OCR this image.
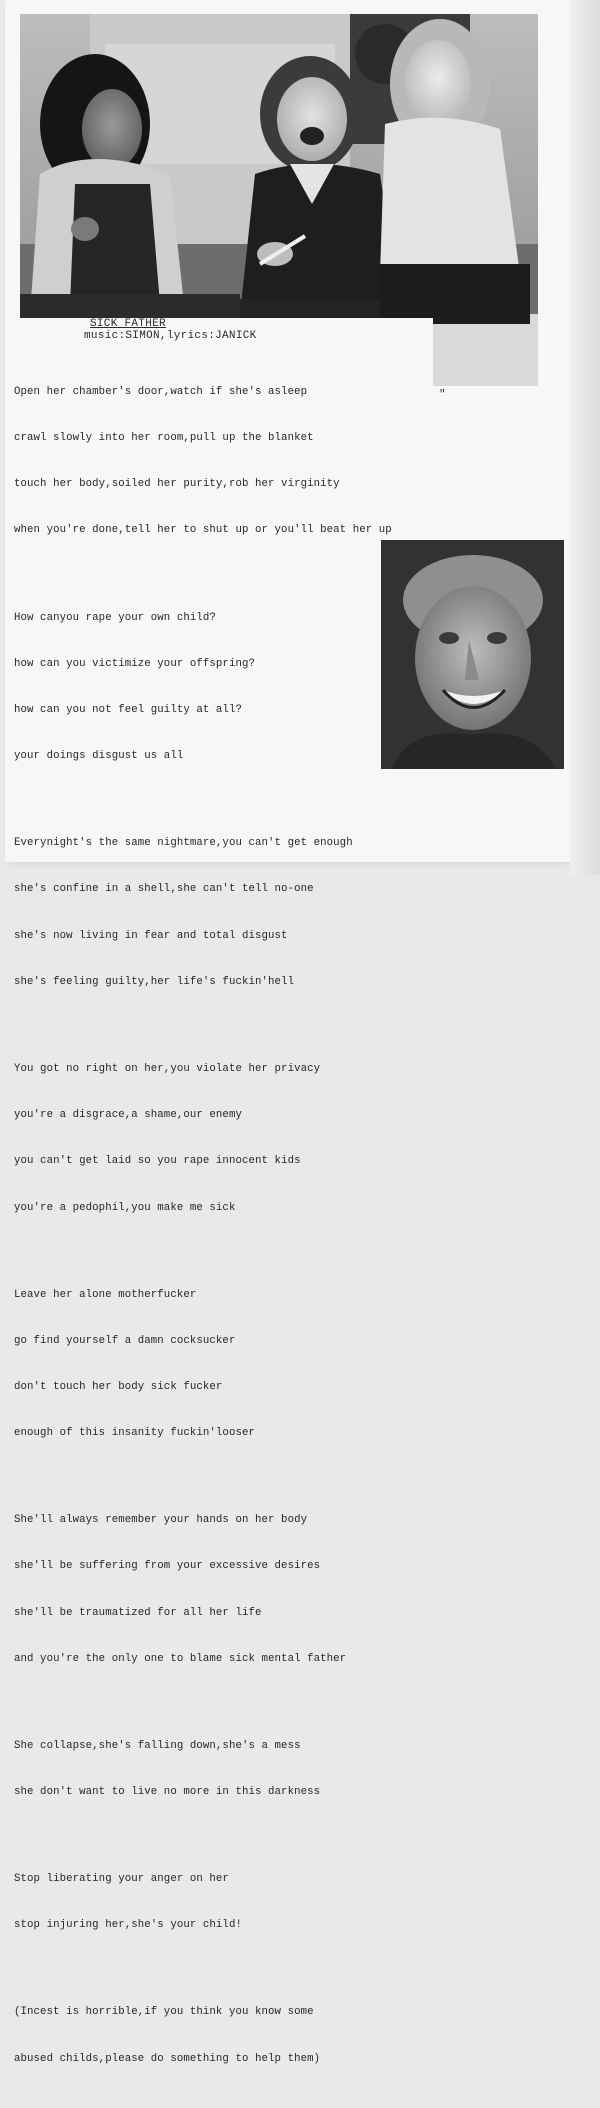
SICK FATHER
music:SIMON,lyrics:JANICK
"

Open her chamber's door,watch if she's asleep

crawl slowly into her room,pull up the blanket

touch her body,soiled her purity,rob her virginity

when you're done,tell her to shut up or you'll beat her up

How canyou rape your own child?

how can you victimize your offspring?

how can you not feel guilty at all?

your doings disgust us all

Everynight's the same nightmare,you can't get enough

she's confine in a shell,she can't tell no-one

she's now living in fear and total disgust

she's feeling guilty,her life's fuckin'hell

You got no right on her,you violate her privacy

you're a disgrace,a shame,our enemy

you can't get laid so you rape innocent kids

you're a pedophil,you make me sick

Leave her alone motherfucker

go find yourself a damn cocksucker

don't touch her body sick fucker

enough of this insanity fuckin'looser

She'll always remember your hands on her body

she'll be suffering from your excessive desires

she'll be traumatized for all her life

and you're the only one to blame sick mental father

She collapse,she's falling down,she's a mess

she don't want to live no more in this darkness

Stop liberating your anger on her

stop injuring her,she's your child!

(Incest is horrible,if you think you know some

abused childs,please do something to help them)
